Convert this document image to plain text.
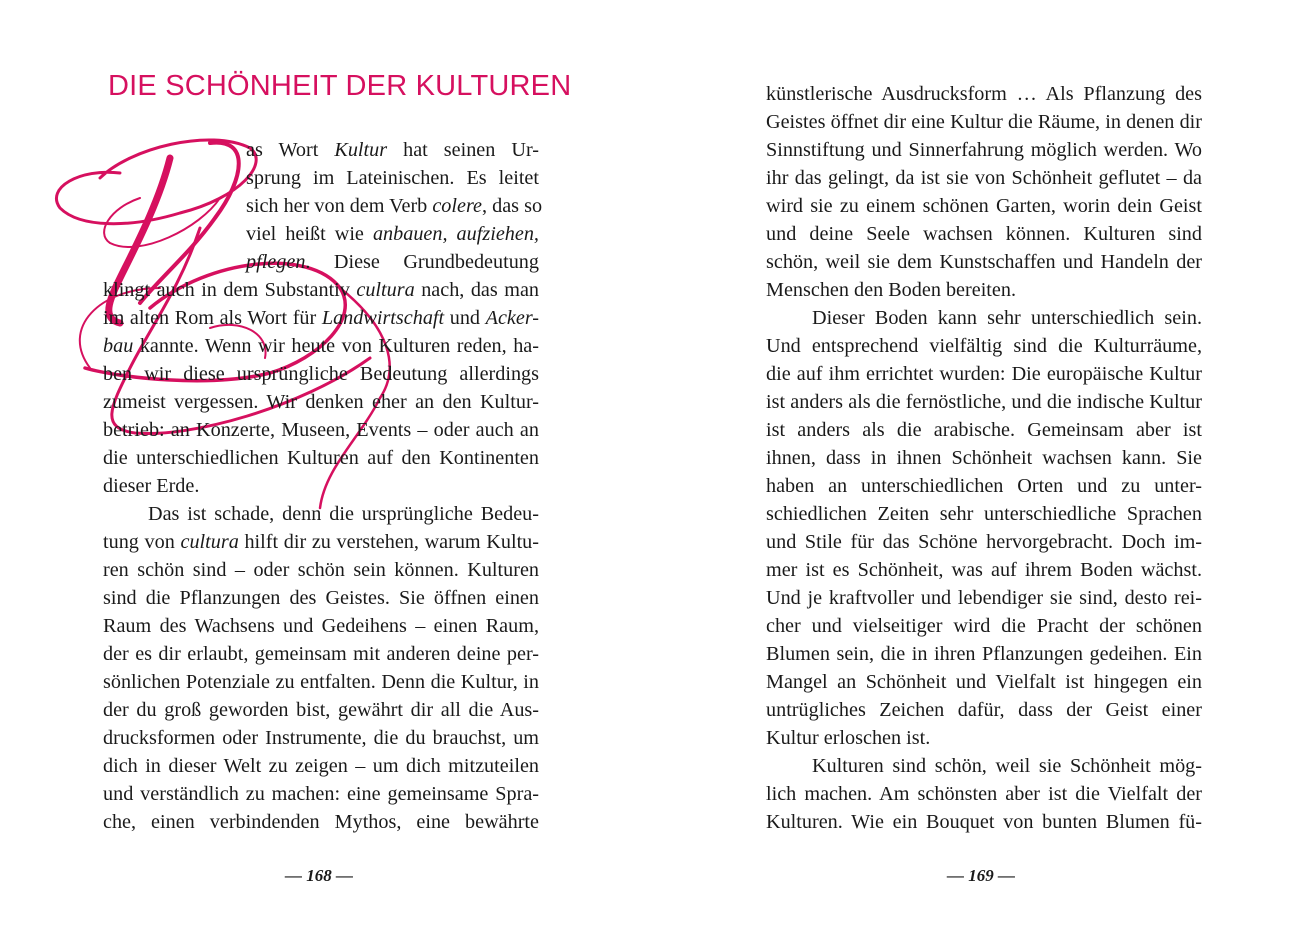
DIE SCHÖNHEIT DER KULTUREN
as Wort Kultur hat seinen Ur-
sprung im Lateinischen. Es leitet
sich her von dem Verb colere, das so
viel heißt wie anbauen, aufziehen,
pflegen. Diese Grundbedeutung
klingt auch in dem Substantiv cultura nach, das man
im alten Rom als Wort für Landwirtschaft und Acker-
bau kannte. Wenn wir heute von Kulturen reden, ha-
ben wir diese ursprüngliche Bedeutung allerdings
zumeist vergessen. Wir denken eher an den Kultur-
betrieb: an Konzerte, Museen, Events – oder auch an
die unterschiedlichen Kulturen auf den Kontinenten
dieser Erde.
Das ist schade, denn die ursprüngliche Bedeu-
tung von cultura hilft dir zu verstehen, warum Kultu-
ren schön sind – oder schön sein können. Kulturen
sind die Pflanzungen des Geistes. Sie öffnen einen
Raum des Wachsens und Gedeihens – einen Raum,
der es dir erlaubt, gemeinsam mit anderen deine per-
sönlichen Potenziale zu entfalten. Denn die Kultur, in
der du groß geworden bist, gewährt dir all die Aus-
drucksformen oder Instrumente, die du brauchst, um
dich in dieser Welt zu zeigen – um dich mitzuteilen
und verständlich zu machen: eine gemeinsame Spra-
che, einen verbindenden Mythos, eine bewährte
— 168 —
künstlerische Ausdrucksform … Als Pflanzung des
Geistes öffnet dir eine Kultur die Räume, in denen dir
Sinnstiftung und Sinnerfahrung möglich werden. Wo
ihr das gelingt, da ist sie von Schönheit geflutet – da
wird sie zu einem schönen Garten, worin dein Geist
und deine Seele wachsen können. Kulturen sind
schön, weil sie dem Kunstschaffen und Handeln der
Menschen den Boden bereiten.
Dieser Boden kann sehr unterschiedlich sein.
Und entsprechend vielfältig sind die Kulturräume,
die auf ihm errichtet wurden: Die europäische Kultur
ist anders als die fernöstliche, und die indische Kultur
ist anders als die arabische. Gemeinsam aber ist
ihnen, dass in ihnen Schönheit wachsen kann. Sie
haben an unterschiedlichen Orten und zu unter-
schiedlichen Zeiten sehr unterschiedliche Sprachen
und Stile für das Schöne hervorgebracht. Doch im-
mer ist es Schönheit, was auf ihrem Boden wächst.
Und je kraftvoller und lebendiger sie sind, desto rei-
cher und vielseitiger wird die Pracht der schönen
Blumen sein, die in ihren Pflanzungen gedeihen. Ein
Mangel an Schönheit und Vielfalt ist hingegen ein
untrügliches Zeichen dafür, dass der Geist einer
Kultur erloschen ist.
Kulturen sind schön, weil sie Schönheit mög-
lich machen. Am schönsten aber ist die Vielfalt der
Kulturen. Wie ein Bouquet von bunten Blumen fü-
— 169 —
